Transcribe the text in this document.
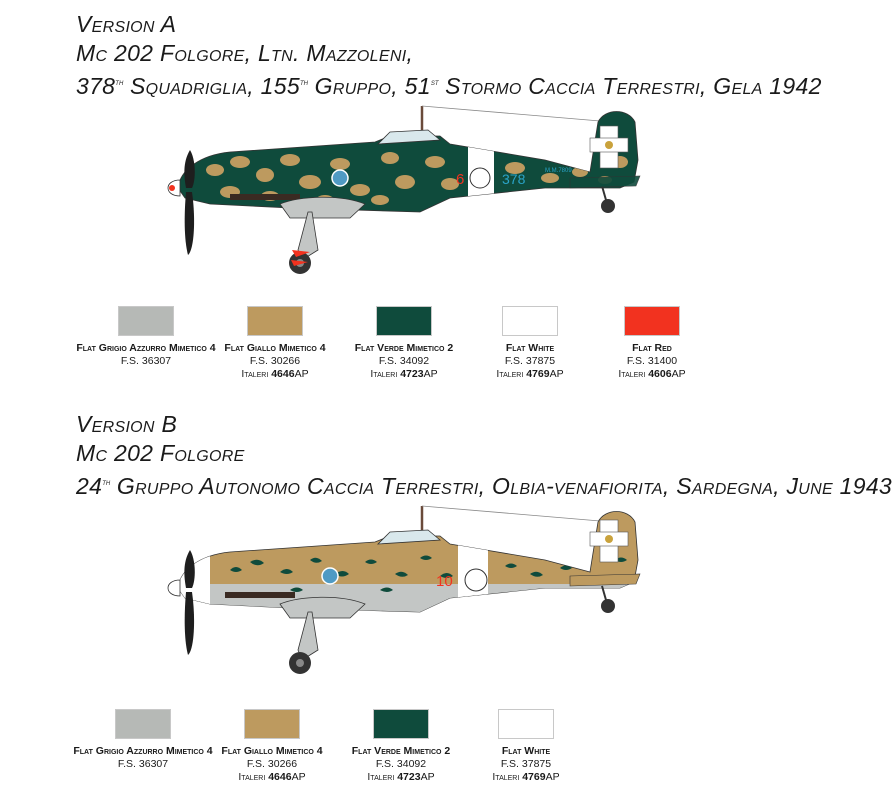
Version A
Mc 202 Folgore, Ltn. Mazzoleni,
378th Squadriglia, 155th Gruppo, 51st Stormo Caccia Terrestri, Gela 1942
6	378	M.M.7809
Flat Grigio Azzurro Mimetico 4
F.S. 36307
Flat Giallo Mimetico 4
F.S. 30266
Italeri 4646AP
Flat Verde Mimetico 2
F.S. 34092
Italeri 4723AP
Flat White
F.S. 37875
Italeri 4769AP
Flat Red
F.S. 31400
Italeri 4606AP
Version B
Mc 202 Folgore
24th Gruppo Autonomo Caccia Terrestri, Olbia-venafiorita, Sardegna, June 1943
10
Flat Grigio Azzurro Mimetico 4
F.S. 36307
Flat Giallo Mimetico 4
F.S. 30266
Italeri 4646AP
Flat Verde Mimetico 2
F.S. 34092
Italeri 4723AP
Flat White
F.S. 37875
Italeri 4769AP
